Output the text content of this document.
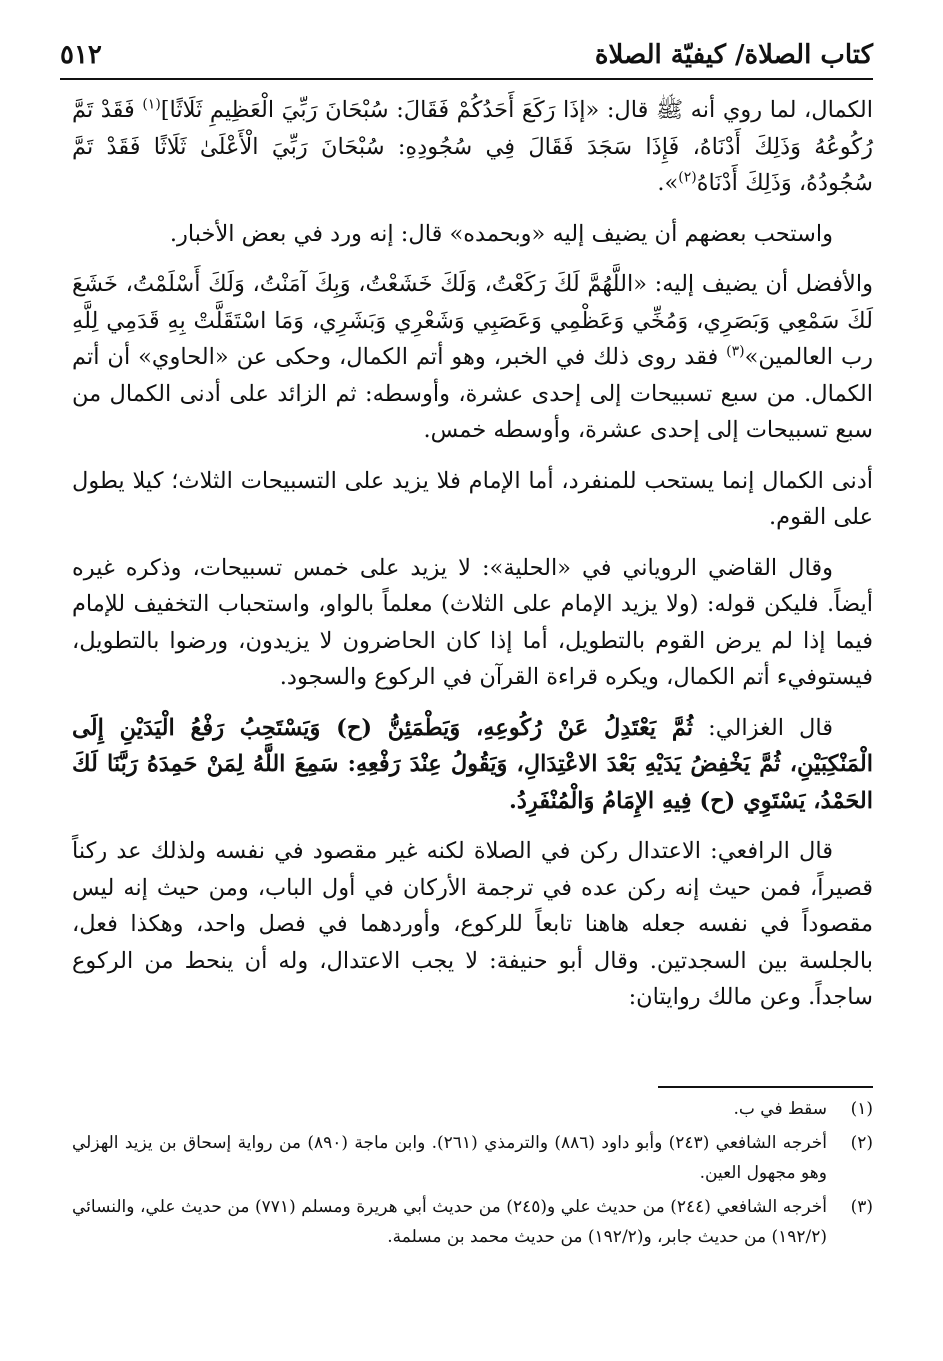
كتاب الصلاة/ كيفيّة الصلاة
٥١٢

الكمال، لما روي أنه ﷺ قال: «إذَا رَكَعَ أَحَدُكُمْ فَقَالَ: سُبْحَانَ رَبِّيَ الْعَظِيمِ ثَلَاثًا]$^{(١)}$ فَقَدْ تَمَّ رُكُوعُهُ وَذَلِكَ أَدْنَاهُ، فَإِذَا سَجَدَ فَقَالَ فِي سُجُودِهِ: سُبْحَانَ رَبِّيَ الْأَعْلَىٰ ثَلَاثًا فَقَدْ تَمَّ سُجُودُهُ، وَذَلِكَ أَدْنَاهُ$^{(٢)}$».

واستحب بعضهم أن يضيف إليه «وبحمده» قال: إنه ورد في بعض الأخبار.

والأفضل أن يضيف إليه: «اللَّهُمَّ لَكَ رَكَعْتُ، وَلَكَ خَشَعْتُ، وَبِكَ آمَنْتُ، وَلَكَ أَسْلَمْتُ، خَشَعَ لَكَ سَمْعِي وَبَصَرِي، وَمُخِّي وَعَظْمِي وَعَصَبِي وَشَعْرِي وَبَشَرِي، وَمَا اسْتَقَلَّتْ بِهِ قَدَمِي لِلَّهِ رب العالمين»$^{(٣)}$ فقد روى ذلك في الخبر، وهو أتم الكمال، وحكى عن «الحاوي» أن أتم الكمال. من سبع تسبيحات إلى إحدى عشرة، وأوسطه: ثم الزائد على أدنى الكمال من سبع تسبيحات إلى إحدى عشرة، وأوسطه خمس.

أدنى الكمال إنما يستحب للمنفرد، أما الإمام فلا يزيد على التسبيحات الثلاث؛ كيلا يطول على القوم.

وقال القاضي الروياني في «الحلية»: لا يزيد على خمس تسبيحات، وذكره غيره أيضاً. فليكن قوله: (ولا يزيد الإمام على الثلاث) معلماً بالواو، واستحباب التخفيف للإمام فيما إذا لم يرض القوم بالتطويل، أما إذا كان الحاضرون لا يزيدون، ورضوا بالتطويل، فيستوفيء أتم الكمال، ويكره قراءة القرآن في الركوع والسجود.

قال الغزالي: ثُمَّ يَعْتَدِلُ عَنْ رُكُوعِهِ، وَيَطْمَئِنُّ (ح) وَيَسْتَحِبُ رَفْعُ الْيَدَيْنِ إِلَى الْمَنْكِبَيْنِ، ثُمَّ يَخْفِضُ يَدَيْهِ بَعْدَ الاعْتِدَالِ، وَيَقُولُ عِنْدَ رَفْعِهِ: سَمِعَ اللَّهُ لِمَنْ حَمِدَهُ رَبَّنَا لَكَ الحَمْدُ، يَسْتَوِي (ح) فِيهِ الإِمَامُ وَالْمُنْفَرِدُ.

قال الرافعي: الاعتدال ركن في الصلاة لكنه غير مقصود في نفسه ولذلك عد ركناً قصيراً، فمن حيث إنه ركن عده في ترجمة الأركان في أول الباب، ومن حيث إنه ليس مقصوداً في نفسه جعله هاهنا تابعاً للركوع، وأوردهما في فصل واحد، وهكذا فعل، بالجلسة بين السجدتين. وقال أبو حنيفة: لا يجب الاعتدال، وله أن ينحط من الركوع ساجداً. وعن مالك روايتان:

(١)
سقط في ب.
(٢)
أخرجه الشافعي (٢٤٣) وأبو داود (٨٨٦) والترمذي (٢٦١). وابن ماجة (٨٩٠) من رواية إسحاق بن يزيد الهزلي وهو مجهول العين.
(٣)
أخرجه الشافعي (٢٤٤) من حديث علي و(٢٤٥) من حديث أبي هريرة ومسلم (٧٧١) من حديث علي، والنسائي (١٩٢/٢) من حديث جابر، و(١٩٢/٢) من حديث محمد بن مسلمة.
